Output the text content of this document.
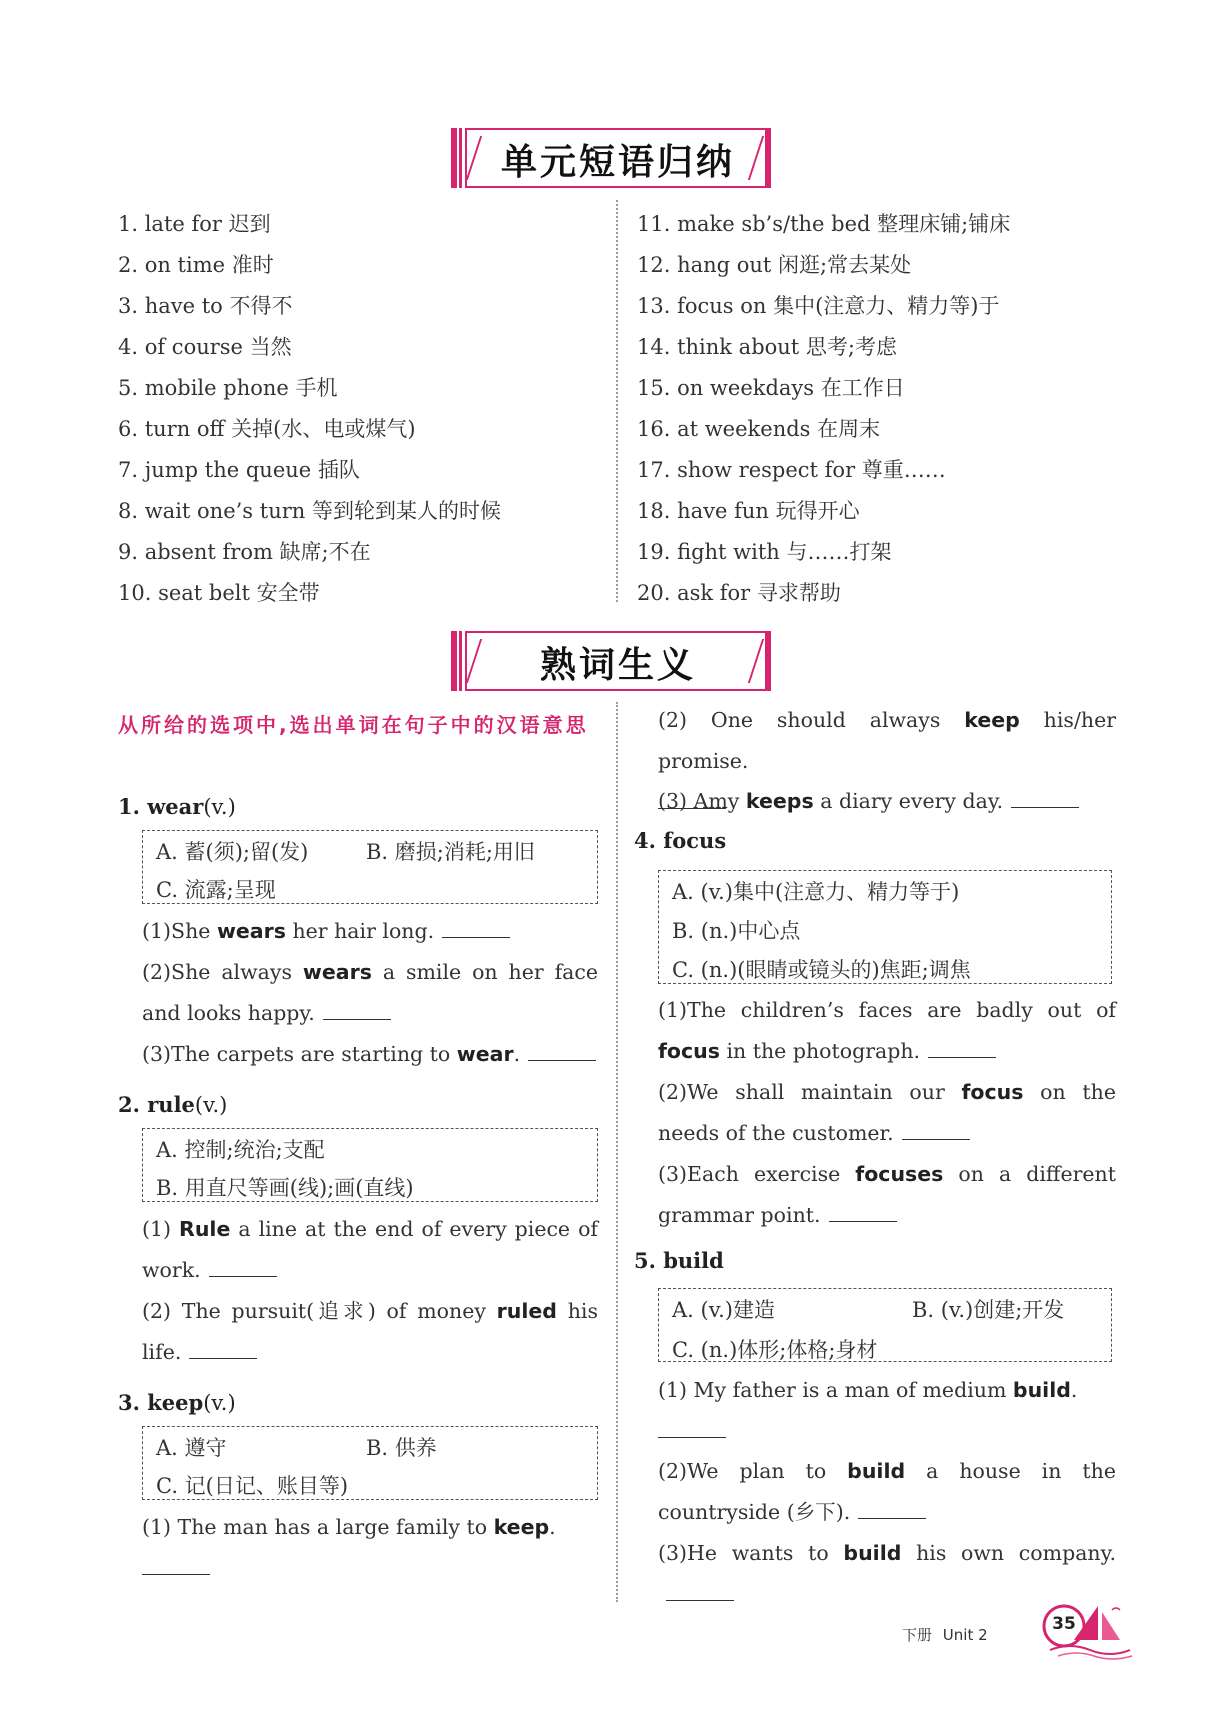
单元短语归纳
1. late for 迟到
2. on time 准时
3. have to 不得不
4. of course 当然
5. mobile phone 手机
6. turn off 关掉(水、电或煤气)
7. jump the queue 插队
8. wait one’s turn 等到轮到某人的时候
9. absent from 缺席;不在
10. seat belt 安全带
11. make sb’s/the bed 整理床铺;铺床
12. hang out 闲逛;常去某处
13. focus on 集中(注意力、精力等)于
14. think about 思考;考虑
15. on weekdays 在工作日
16. at weekends 在周末
17. show respect for 尊重……
18. have fun 玩得开心
19. fight with 与……打架
20. ask for 寻求帮助
熟词生义
从所给的选项中,选出单词在句子中的汉语意思
1. wear(v.)
A. 蓄(须);留(发)	B. 磨损;消耗;用旧
C. 流露;呈现
(1)She wears her hair long.
(2)She always wears a smile on her face and looks happy.
(3)The carpets are starting to wear.
2. rule(v.)
A. 控制;统治;支配
B. 用直尺等画(线);画(直线)
(1) Rule a line at the end of every piece of work.
(2) The pursuit(追求) of money ruled his life.
3. keep(v.)
A. 遵守	B. 供养
C. 记(日记、账目等)
(1) The man has a large family to keep.

(2) One should always keep his/her promise.

(3) Amy keeps a diary every day.
4. focus
A. (v.)集中(注意力、精力等于)
B. (n.)中心点
C. (n.)(眼睛或镜头的)焦距;调焦
(1)The children’s faces are badly out of focus in the photograph.
(2)We shall maintain our focus on the needs of the customer.
(3)Each exercise focuses on a different grammar point.
5. build
A. (v.)建造	B. (v.)创建;开发
C. (n.)体形;体格;身材
(1) My father is a man of medium build.

(2)We plan to build a house in the countryside (乡下).
(3)He wants to build his own company.
下册 Unit 2
35
